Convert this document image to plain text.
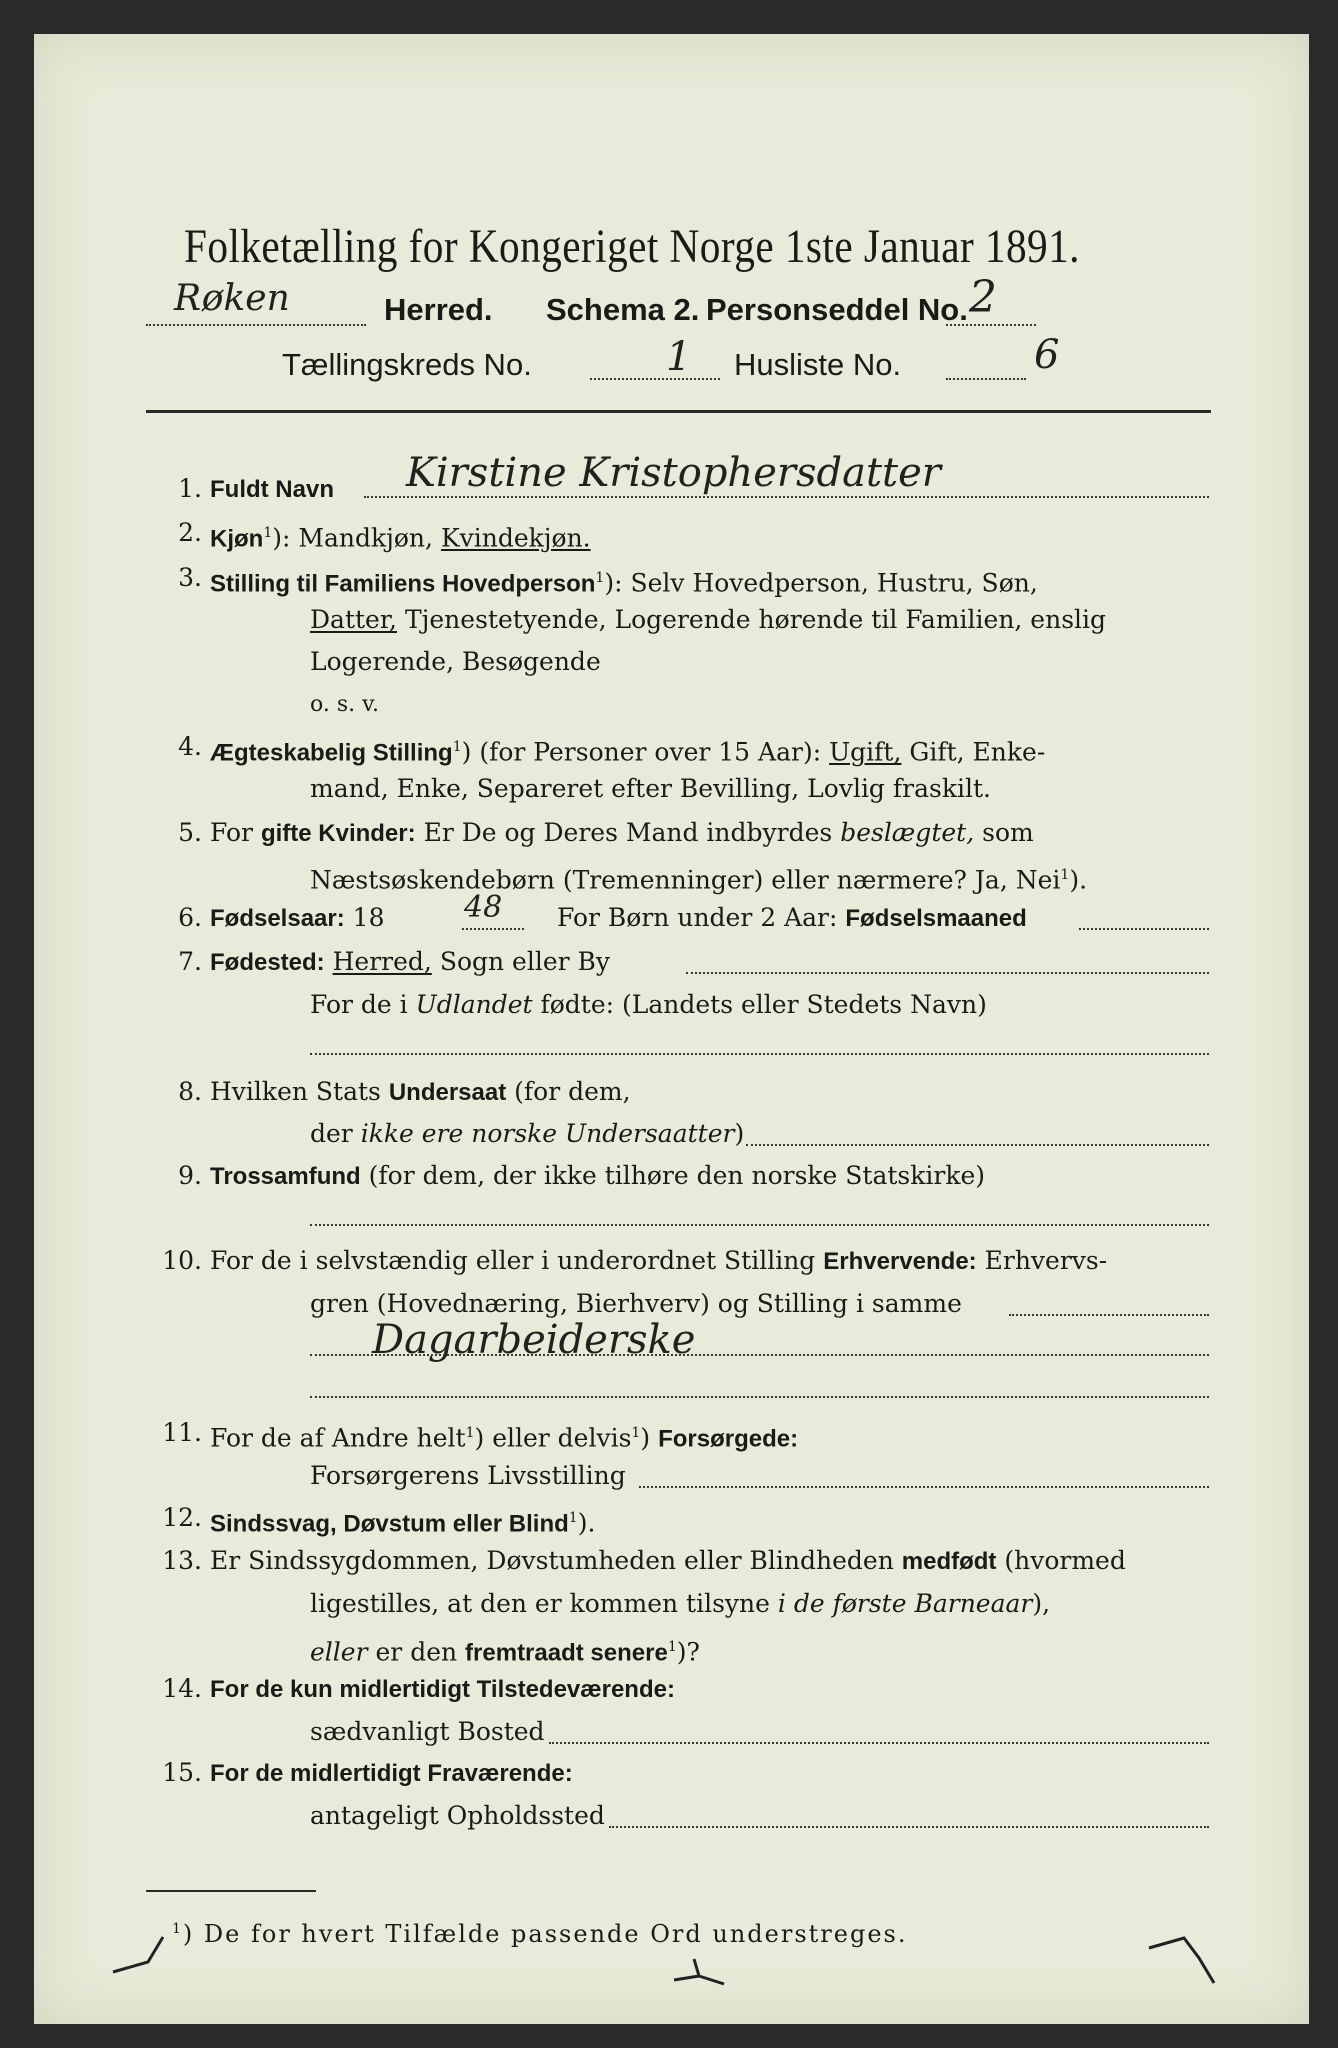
Folketælling for Kongeriget Norge 1ste Januar 1891.
Røken	Herred. Schema 2. Personseddel No. 2
Tællingskreds No.	1 Husliste No.	6
1.
2.
3.
4.
5.
6.
7.
8.
9.
10.
11.
12.
13.
14.
15.
Fuldt Navn Kirstine Kristophersdatter
Kjøn$^1$): Mandkjøn, Kvindekjøn.
Stilling til Familiens Hovedperson$^1$): Selv Hovedperson, Hustru, Søn,
Datter, Tjenestetyende, Logerende hørende til Familien, enslig
Logerende, Besøgende
o. s. v.
Ægteskabelig Stilling$^1$) (for Personer over 15 Aar): Ugift, Gift, Enke-
mand, Enke, Separeret efter Bevilling, Lovlig fraskilt.
For gifte Kvinder: Er De og Deres Mand indbyrdes beslægtet, som
Næstsøskendebørn (Tremenninger) eller nærmere? Ja, Nei$^1$).
Fødselsaar: 18	48 For Børn under 2 Aar: Fødselsmaaned
Fødested: Herred, Sogn eller By
For de i Udlandet fødte: (Landets eller Stedets Navn)
Hvilken Stats Undersaat (for dem,
der ikke ere norske Undersaatter)
Trossamfund (for dem, der ikke tilhøre den norske Statskirke)
For de i selvstændig eller i underordnet Stilling Erhvervende: Erhvervs-
gren (Hovednæring, Bierhverv) og Stilling i samme
Dagarbeiderske
For de af Andre helt$^1$) eller delvis$^1$) Forsørgede:
Forsørgerens Livsstilling
Sindssvag, Døvstum eller Blind$^1$).
Er Sindssygdommen, Døvstumheden eller Blindheden medfødt (hvormed
ligestilles, at den er kommen tilsyne i de første Barneaar),
eller er den fremtraadt senere$^1$)?
For de kun midlertidigt Tilstedeværende:
sædvanligt Bosted
For de midlertidigt Fraværende:
antageligt Opholdssted
$^1$) De for hvert Tilfælde passende Ord understreges.
